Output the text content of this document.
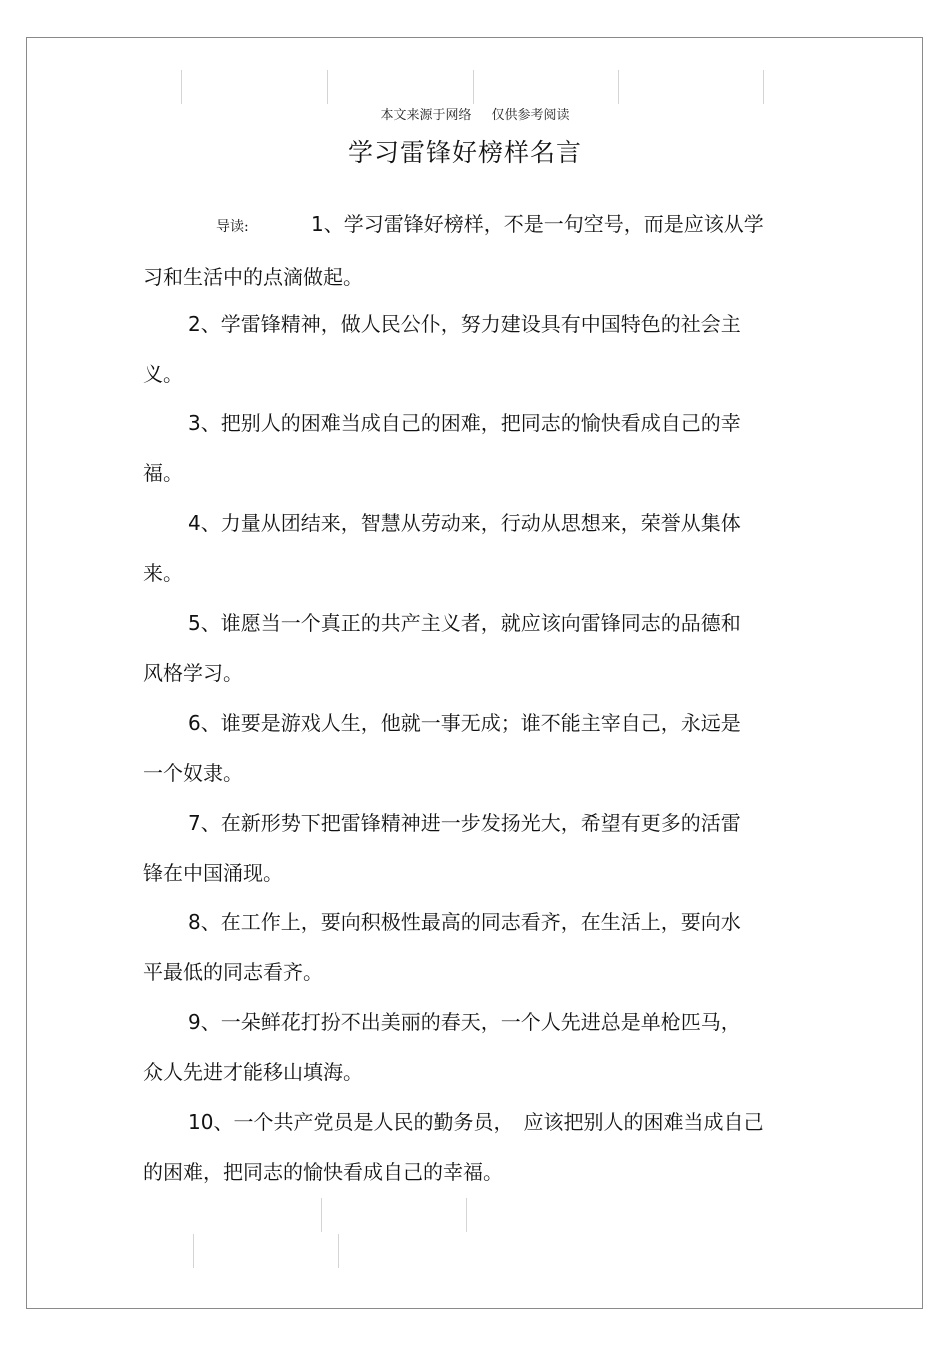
本文来源于网络 仅供参考阅读
学习雷锋好榜样名言
导读:	1、学习雷锋好榜样，不是一句空号，而是应该从学
习和生活中的点滴做起。
2、学雷锋精神，做人民公仆，努力建设具有中国特色的社会主
义。
3、把别人的困难当成自己的困难，把同志的愉快看成自己的幸
福。
4、力量从团结来，智慧从劳动来，行动从思想来，荣誉从集体
来。
5、谁愿当一个真正的共产主义者，就应该向雷锋同志的品德和
风格学习。
6、谁要是游戏人生，他就一事无成；谁不能主宰自己，永远是
一个奴隶。
7、在新形势下把雷锋精神进一步发扬光大，希望有更多的活雷
锋在中国涌现。
8、在工作上，要向积极性最高的同志看齐，在生活上，要向水
平最低的同志看齐。
9、一朵鲜花打扮不出美丽的春天，一个人先进总是单枪匹马，
众人先进才能移山填海。
10、一个共产党员是人民的勤务员，　应该把别人的困难当成自己
的困难，把同志的愉快看成自己的幸福。
